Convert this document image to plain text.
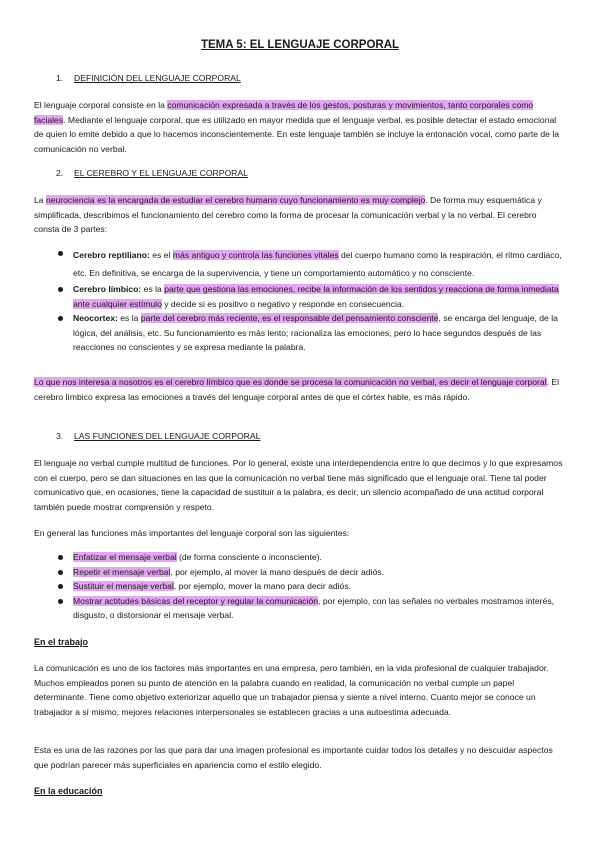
TEMA 5: EL LENGUAJE CORPORAL
1. DEFINICIÓN DEL LENGUAJE CORPORAL
El lenguaje corporal consiste en la comunicación expresada a través de los gestos, posturas y movimientos, tanto corporales como faciales. Mediante el lenguaje corporal, que es utilizado en mayor medida que el lenguaje verbal, es posible detectar el estado emocional de quien lo emite debido a que lo hacemos inconscientemente. En este lenguaje también se incluye la entonación vocal, como parte de la comunicación no verbal.
2. EL CEREBRO Y EL LENGUAJE CORPORAL
La neurociencia es la encargada de estudiar el cerebro humano cuyo funcionamiento es muy complejo. De forma muy esquemática y simplificada, describimos el funcionamiento del cerebro como la forma de procesar la comunicación verbal y la no verbal. El cerebro consta de 3 partes:
Cerebro reptiliano: es el más antiguo y controla las funciones vitales del cuerpo humano como la respiración, el ritmo cardiaco, etc. En definitiva, se encarga de la supervivencia, y tiene un comportamiento automático y no consciente.
Cerebro límbico: es la parte que gestiona las emociones, recibe la información de los sentidos y reacciona de forma inmediata ante cualquier estímulo y decide si es positivo o negativo y responde en consecuencia.
Neocortex: es la parte del cerebro más reciente, es el responsable del pensamiento consciente, se encarga del lenguaje, de la lógica, del análisis, etc. Su funcionamiento es más lento; racionaliza las emociones, pero lo hace segundos después de las reacciones no conscientes y se expresa mediante la palabra.
Lo que nos interesa a nosotros es el cerebro límbico que es donde se procesa la comunicación no verbal, es decir el lenguaje corporal. El cerebro límbico expresa las emociones a través del lenguaje corporal antes de que el córtex hable, es más rápido.
3. LAS FUNCIONES DEL LENGUAJE CORPORAL
El lenguaje no verbal cumple multitud de funciones. Por lo general, existe una interdependencia entre lo que decimos y lo que expresamos con el cuerpo, pero se dan situaciones en las que la comunicación no verbal tiene más significado que el lenguaje oral. Tiene tal poder comunicativo que, en ocasiones, tiene la capacidad de sustituir a la palabra, es decir, un silencio acompañado de una actitud corporal también puede mostrar comprensión y respeto.
En general las funciones más importantes del lenguaje corporal son las siguientes:
Enfatizar el mensaje verbal (de forma consciente o inconsciente).
Repetir el mensaje verbal, por ejemplo, al mover la mano después de decir adiós.
Sustituir el mensaje verbal, por ejemplo, mover la mano para decir adiós.
Mostrar actitudes básicas del receptor y regular la comunicación, por ejemplo, con las señales no verbales mostramos interés, disgusto, o distorsionar el mensaje verbal.
En el trabajo
La comunicación es uno de los factores más importantes en una empresa, pero también, en la vida profesional de cualquier trabajador. Muchos empleados ponen su punto de atención en la palabra cuando en realidad, la comunicación no verbal cumple un papel determinante. Tiene como objetivo exteriorizar aquello que un trabajador piensa y siente a nivel interno. Cuanto mejor se conoce un trabajador a sí mismo, mejores relaciones interpersonales se establecen gracias a una autoestima adecuada.
Esta es una de las razones por las que para dar una imagen profesional es importante cuidar todos los detalles y no descuidar aspectos que podrían parecer más superficiales en apariencia como el estilo elegido.
En la educación
